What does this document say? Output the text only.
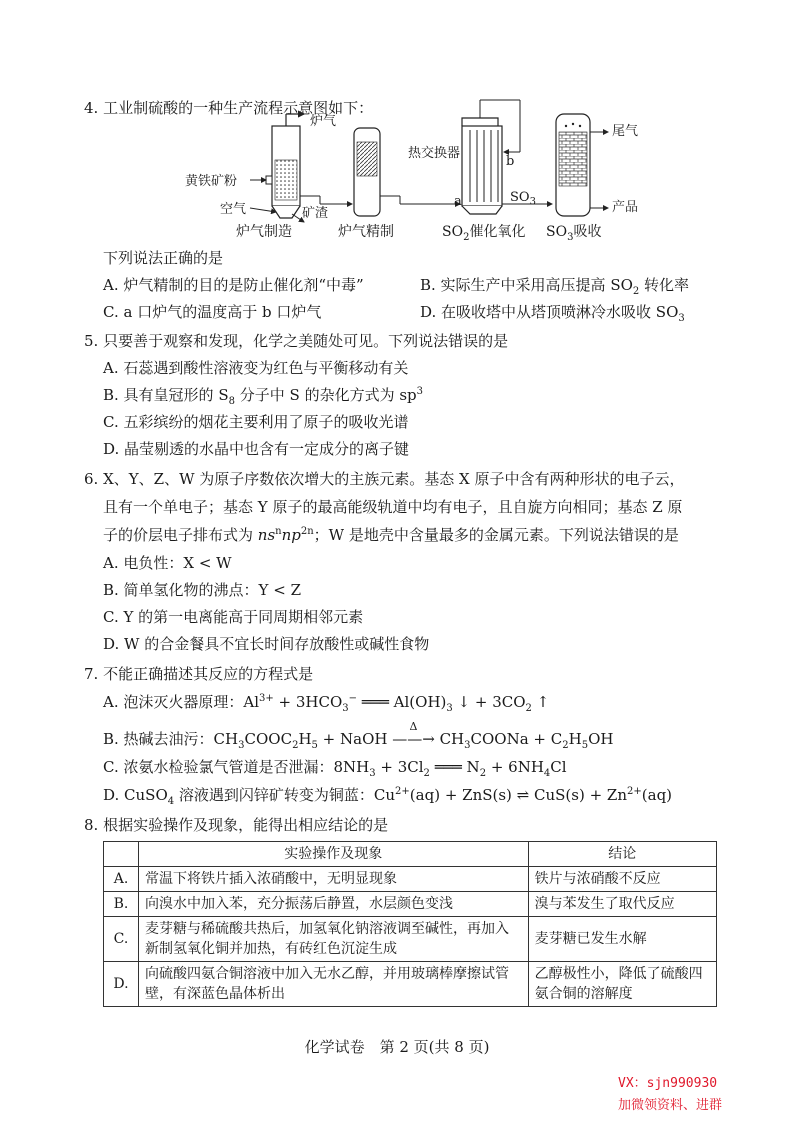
4. 工业制硫酸的一种生产流程示意图如下：
炉气
黄铁矿粉
空气	矿渣
热交换器
b
a	$SO_3$
尾气
产品
炉气制造	炉气精制	$SO_2$催化氧化 $SO_3$吸收
下列说法正确的是
A. 炉气精制的目的是防止催化剂“中毒”	B. 实际生产中采用高压提高 $SO_2$ 转化率
C. a 口炉气的温度高于 b 口炉气	D. 在吸收塔中从塔顶喷淋冷水吸收 $SO_3$
5. 只要善于观察和发现，化学之美随处可见。下列说法错误的是
A. 石蕊遇到酸性溶液变为红色与平衡移动有关
B. 具有皇冠形的 $S_8$ 分子中 S 的杂化方式为 $sp^3$
C. 五彩缤纷的烟花主要利用了原子的吸收光谱
D. 晶莹剔透的水晶中也含有一定成分的离子键
6. X、Y、Z、W 为原子序数依次增大的主族元素。基态 X 原子中含有两种形状的电子云，
且有一个单电子；基态 Y 原子的最高能级轨道中均有电子，且自旋方向相同；基态 Z 原
子的价层电子排布式为 $ns^nnp^{2n}$；W 是地壳中含量最多的金属元素。下列说法错误的是
A. 电负性：X < W
B. 简单氢化物的沸点：Y < Z
C. Y 的第一电离能高于同周期相邻元素
D. W 的合金餐具不宜长时间存放酸性或碱性食物
7. 不能正确描述其反应的方程式是
A. 泡沫灭火器原理：$Al^{3+} + 3HCO_3^-$ ═══ $Al(OH)_3$ ↓ + $3CO_2$ ↑
B. 热碱去油污：$CH_3COOC_2H_5$ + NaOH
Δ
——→ $CH_3COONa + C_2H_5OH$
C. 浓氨水检验氯气管道是否泄漏：$8NH_3 + 3Cl_2$ ═══ $N_2 + 6NH_4Cl$
D. CuSO$_4$ 溶液遇到闪锌矿转变为铜蓝：$Cu^{2+}(aq) + ZnS(s)$ ⇌ $CuS(s) + Zn^{2+}(aq)$
8. 根据实验操作及现象，能得出相应结论的是
	实验操作及现象	结论
A.	常温下将铁片插入浓硝酸中，无明显现象	铁片与浓硝酸不反应
B.	向溴水中加入苯，充分振荡后静置，水层颜色变浅	溴与苯发生了取代反应
C.	麦芽糖与稀硫酸共热后，加氢氧化钠溶液调至碱性，再加入新制氢氧化铜并加热，有砖红色沉淀生成	麦芽糖已发生水解
D.	向硫酸四氨合铜溶液中加入无水乙醇，并用玻璃棒摩擦试管壁，有深蓝色晶体析出	乙醇极性小，降低了硫酸四氨合铜的溶解度
化学试卷　第 2 页(共 8 页)
VX：sjn990930
加微领资料、进群
